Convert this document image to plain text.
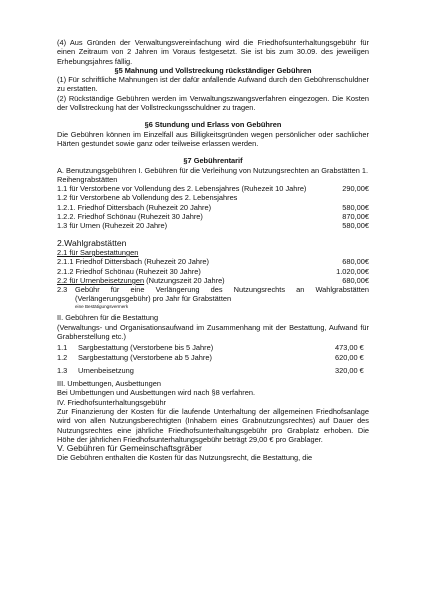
(4) Aus Gründen der Verwaltungsvereinfachung wird die Friedhofsunterhaltungsgebühr für einen Zeitraum von 2 Jahren im Voraus festgesetzt. Sie ist bis zum 30.09. des jeweiligen Erhebungsjahres fällig.

§5 Mahnung und Vollstreckung rückständiger Gebühren

(1) Für schriftliche Mahnungen ist der dafür anfallende Aufwand durch den Gebührenschuldner zu erstatten.

(2) Rückständige Gebühren werden im Verwaltungszwangsverfahren eingezogen. Die Kosten der Vollstreckung hat der Vollstreckungsschuldner zu tragen.

§6 Stundung und Erlass von Gebühren

Die Gebühren können im Einzelfall aus Billigkeitsgründen wegen persönlicher oder sachlicher Härten gestundet sowie ganz oder teilweise erlassen werden.

§7 Gebührentarif

A. Benutzungsgebühren I. Gebühren für die Verleihung von Nutzungsrechten an Grabstätten 1. Reihengrabstätten

1.1 für Verstorbene vor Vollendung des 2. Lebensjahres (Ruhezeit 10 Jahre)	290,00€
1.2 für Verstorbene ab Vollendung des 2. Lebensjahres
1.2.1. Friedhof Dittersbach (Ruhezeit 20 Jahre)	580,00€
1.2.2. Friedhof Schönau (Ruhezeit 30 Jahre)	870,00€
1.3 für Urnen (Ruhezeit 20 Jahre)	580,00€

2.Wahlgrabstätten

2.1 für Sargbestattungen

2.1.1 Friedhof Dittersbach (Ruhezeit 20 Jahre)	680,00€
2.1.2 Friedhof Schönau (Ruhezeit 30 Jahre)	1.020,00€
2.2 für Urnenbeisetzungen (Nutzungszeit 20 Jahre)	680,00€
2.3	Gebühr für eine Verlängerung des Nutzungsrechts an Wahlgrabstätten (Verlängerungsgebühr) pro Jahr für Grabstätten

eine Bestätigungsvermerk

II. Gebühren für die Bestattung

(Verwaltungs- und Organisationsaufwand im Zusammenhang mit der Bestattung, Aufwand für Grabherstellung etc.)

1.1	Sargbestattung (Verstorbene bis 5 Jahre)	473,00 €
1.2	Sargbestattung (Verstorbene ab 5 Jahre)	620,00 €
1.3	Urnenbeisetzung	320,00 €

III. Umbettungen, Ausbettungen

Bei Umbettungen und Ausbettungen wird nach §8 verfahren.

IV. Friedhofsunterhaltungsgebühr

Zur Finanzierung der Kosten für die laufende Unterhaltung der allgemeinen Friedhofsanlage wird von allen Nutzungsberechtigten (Inhabern eines Grabnutzungsrechtes) auf Dauer des Nutzungsrechtes eine jährliche Friedhofsunterhaltungsgebühr pro Grabplatz erhoben. Die Höhe der jährlichen Friedhofsunterhaltungsgebühr beträgt 29,00 € pro Grablager.

V. Gebühren für Gemeinschaftsgräber

Die Gebühren enthalten die Kosten für das Nutzungsrecht, die Bestattung, die
